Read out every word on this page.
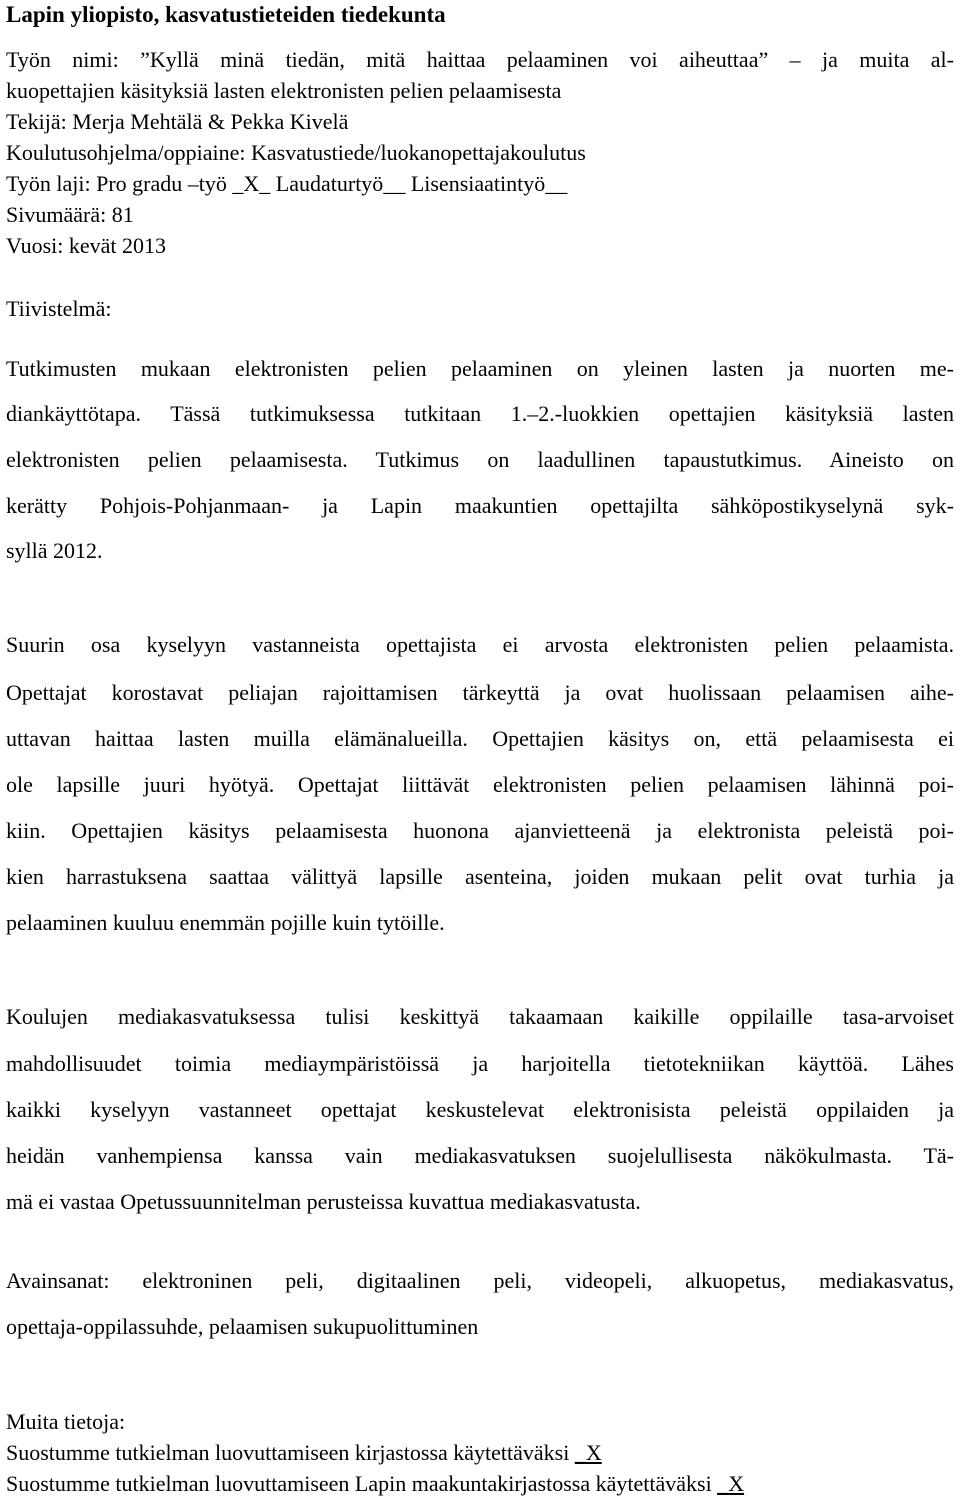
Lapin yliopisto, kasvatustieteiden tiedekunta
Työn nimi: ”Kyllä minä tiedän, mitä haittaa pelaaminen voi aiheuttaa” – ja muita al-
kuopettajien käsityksiä lasten elektronisten pelien pelaamisesta
Tekijä: Merja Mehtälä & Pekka Kivelä
Koulutusohjelma/oppiaine: Kasvatustiede/luokanopettajakoulutus
Työn laji: Pro gradu –työ _X_ Laudaturtyö__ Lisensiaatintyö__
Sivumäärä: 81
Vuosi: kevät 2013
Tiivistelmä:
Tutkimusten mukaan elektronisten pelien pelaaminen on yleinen lasten ja nuorten me-
diankäyttötapa. Tässä tutkimuksessa tutkitaan 1.–2.-luokkien opettajien käsityksiä lasten
elektronisten pelien pelaamisesta. Tutkimus on laadullinen tapaustutkimus. Aineisto on
kerätty Pohjois-Pohjanmaan- ja Lapin maakuntien opettajilta sähköpostikyselynä syk-
syllä 2012.
Suurin osa kyselyyn vastanneista opettajista ei arvosta elektronisten pelien pelaamista.
Opettajat korostavat peliajan rajoittamisen tärkeyttä ja ovat huolissaan pelaamisen aihe-
uttavan haittaa lasten muilla elämänalueilla. Opettajien käsitys on, että pelaamisesta ei
ole lapsille juuri hyötyä. Opettajat liittävät elektronisten pelien pelaamisen lähinnä poi-
kiin. Opettajien käsitys pelaamisesta huonona ajanvietteenä ja elektronista peleistä poi-
kien harrastuksena saattaa välittyä lapsille asenteina, joiden mukaan pelit ovat turhia ja
pelaaminen kuuluu enemmän pojille kuin tytöille.
Koulujen mediakasvatuksessa tulisi keskittyä takaamaan kaikille oppilaille tasa-arvoiset
mahdollisuudet toimia mediaympäristöissä ja harjoitella tietotekniikan käyttöä. Lähes
kaikki kyselyyn vastanneet opettajat keskustelevat elektronisista peleistä oppilaiden ja
heidän vanhempiensa kanssa vain mediakasvatuksen suojelullisesta näkökulmasta. Tä-
mä ei vastaa Opetussuunnitelman perusteissa kuvattua mediakasvatusta.
Avainsanat: elektroninen peli, digitaalinen peli, videopeli, alkuopetus, mediakasvatus,
opettaja-oppilassuhde, pelaamisen sukupuolittuminen
Muita tietoja:
Suostumme tutkielman luovuttamiseen kirjastossa käytettäväksi _X
Suostumme tutkielman luovuttamiseen Lapin maakuntakirjastossa käytettäväksi _X
